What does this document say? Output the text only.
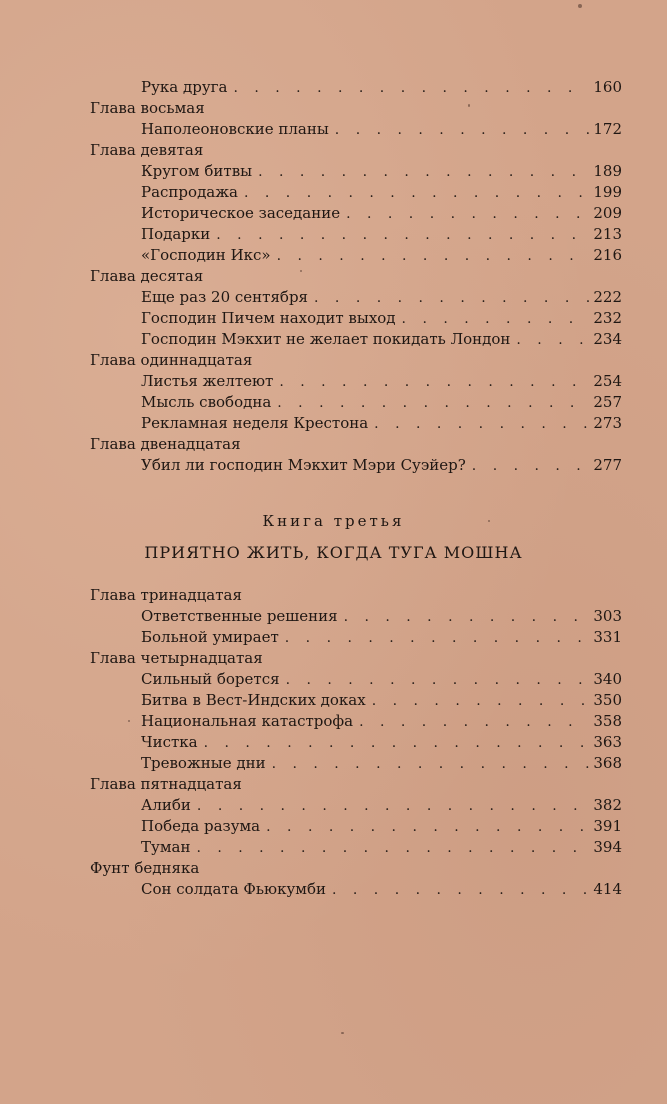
Рука друга . . .	160
Глава восьмая
Наполеоновские планы . . .	172
Глава девятая
Кругом битвы . . .	189
Распродажа . . .	199
Историческое заседание . . .	209
Подарки . . .	213
«Господин Икс» . . .	216
Глава десятая
Еще раз 20 сентября . . .	222
Господин Пичем находит выход . . .	232
Господин Мэкхит не желает покидать Лондон . . .	234
Глава одиннадцатая
Листья желтеют . . .	254
Мысль свободна . . .	257
Рекламная неделя Крестона . . .	273
Глава двенадцатая
Убил ли господин Мэкхит Мэри Суэйер? . . .	277
Книга третья
ПРИЯТНО ЖИТЬ, КОГДА ТУГА МОШНА
Глава тринадцатая
Ответственные решения . . .	303
Больной умирает . . .	331
Глава четырнадцатая
Сильный борется . . .	340
Битва в Вест-Индских доках . . .	350
Национальная катастрофа . . .	358
Чистка . . .	363
Тревожные дни . . .	368
Глава пятнадцатая
Алиби . . .	382
Победа разума . . .	391
Туман . . .	394
Фунт бедняка
Сон солдата Фьюкумби . . .	414
